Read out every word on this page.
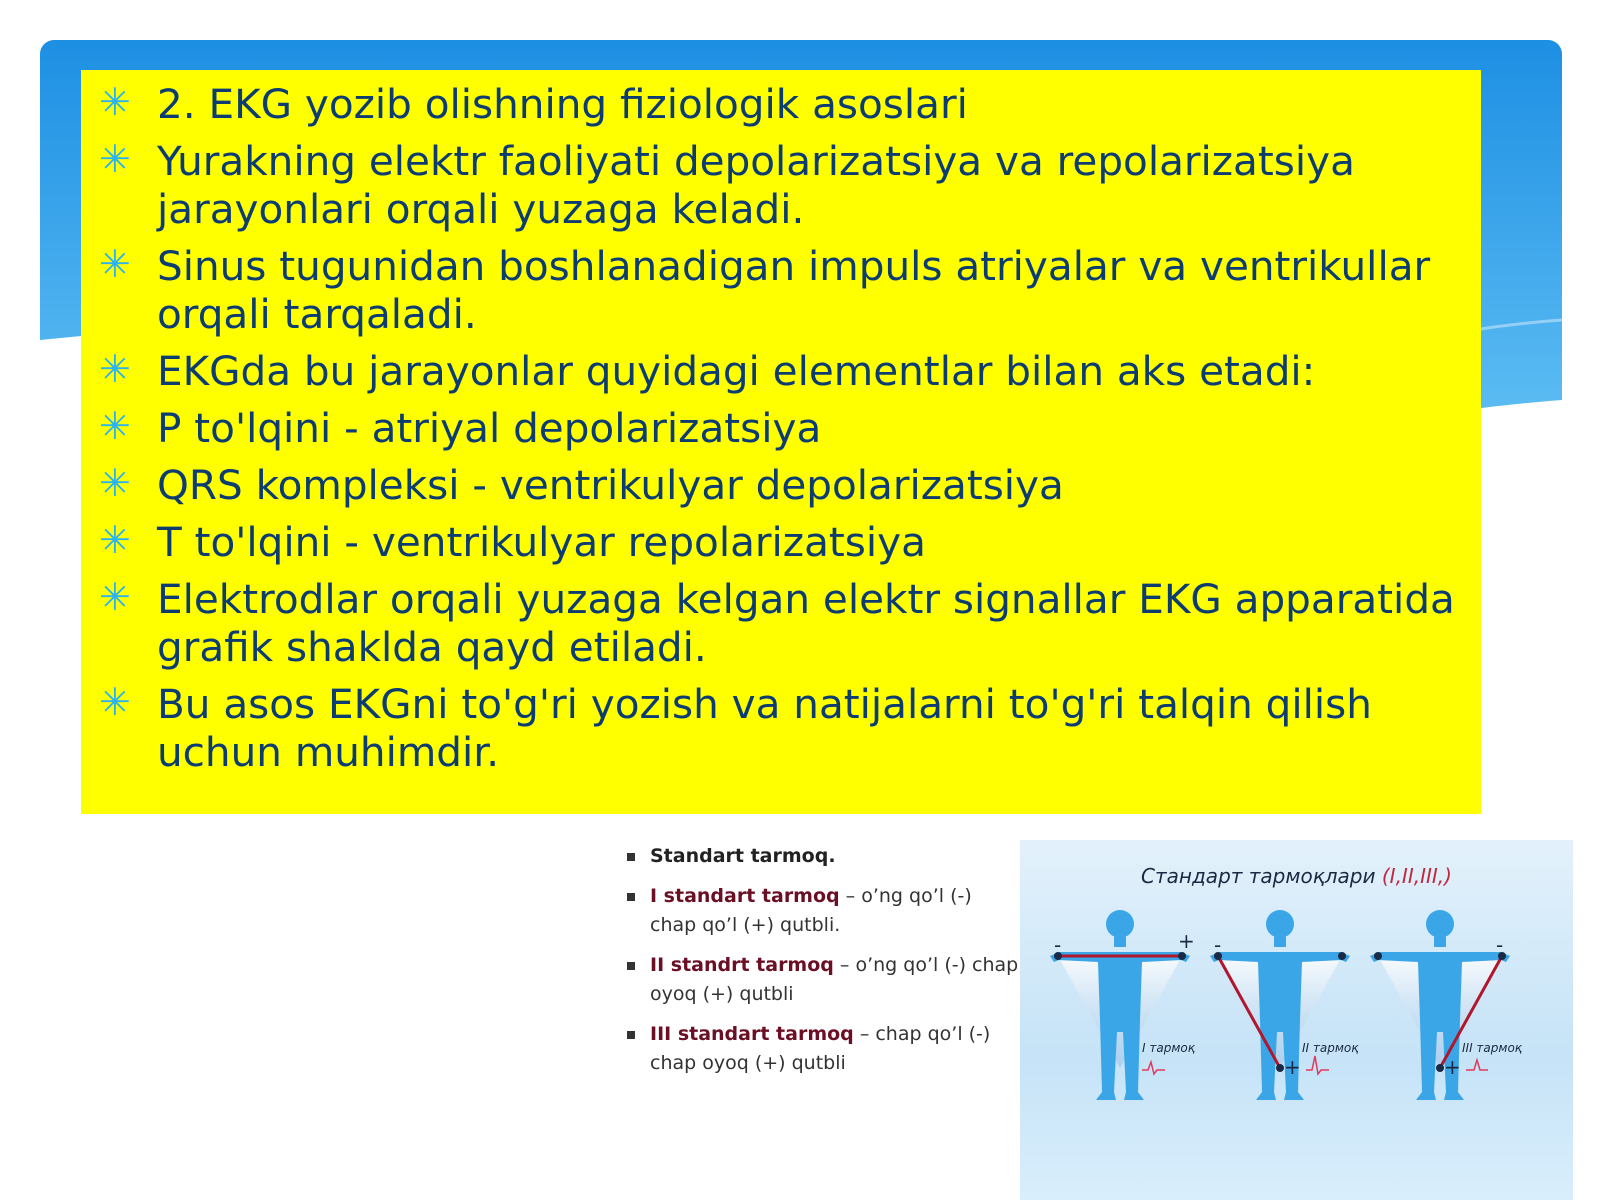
✳ 2. EKG yozib olishning fiziologik asoslari
✳ Yurakning elektr faoliyati depolarizatsiya va repolarizatsiya jarayonlari orqali yuzaga keladi.
✳ Sinus tugunidan boshlanadigan impuls atriyalar va ventrikullar orqali tarqaladi.
✳ EKGda bu jarayonlar quyidagi elementlar bilan aks etadi:
✳ P to'lqini - atriyal depolarizatsiya
✳ QRS kompleksi - ventrikulyar depolarizatsiya
✳ T to'lqini - ventrikulyar repolarizatsiya
✳ Elektrodlar orqali yuzaga kelgan elektr signallar EKG apparatida grafik shaklda qayd etiladi.
✳ Bu asos EKGni to'g'ri yozish va natijalarni to'g'ri talqin qilish uchun muhimdir.
Standart tarmoq.
I standart tarmoq – o’ng qo’l (-) chap qo’l (+) qutbli.
II standrt tarmoq – o’ng qo’l (-) chap oyoq (+) qutbli
III standart tarmoq – chap qo’l (-) chap oyoq (+) qutbli
Стандарт тармоқлари (I,II,III,)
-	+
I тармоқ
-
+
II тармоқ
-
+
III тармоқ
